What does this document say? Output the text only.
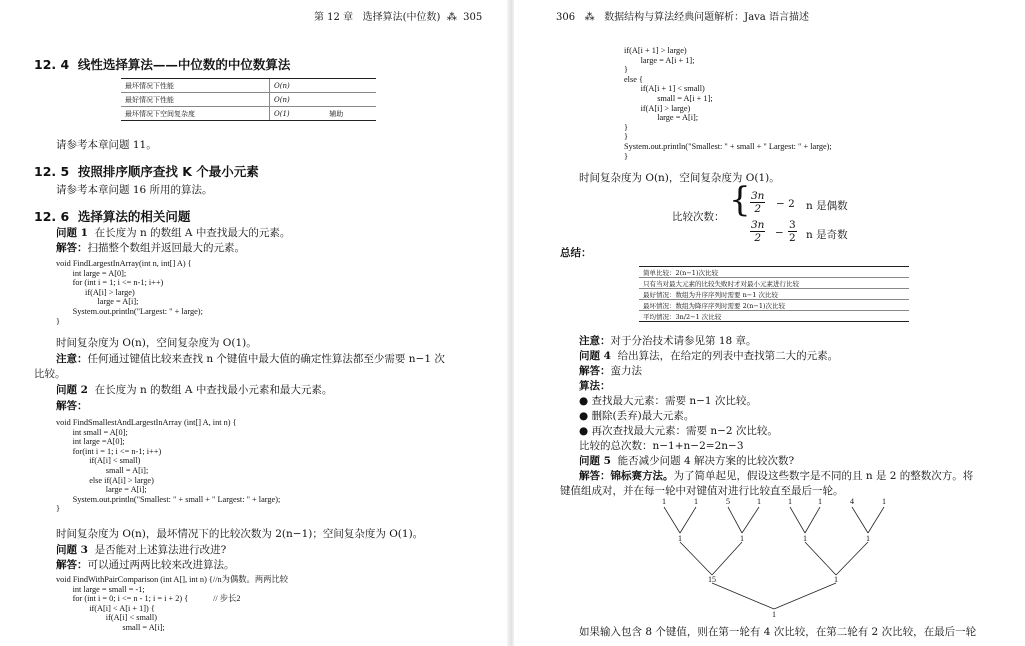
第 12 章 选择算法(中位数) ⁂ 305
12. 4 线性选择算法——中位数的中位数算法
最坏情况下性能	O(n)	
最好情况下性能	O(n)	
最坏情况下空间复杂度	O(1)	辅助
请参考本章问题 11。
12. 5 按照排序顺序查找 K 个最小元素
请参考本章问题 16 所用的算法。
12. 6 选择算法的相关问题
问题 1 在长度为 n 的数组 A 中查找最大的元素。
解答：扫描整个数组并返回最大的元素。
void FindLargestInArray(int n, int[] A) {
int large = A[0];
for (int i = 1; i <= n-1; i++)
if(A[i] > large)
large = A[i];
System.out.println("Largest: " + large);
}
时间复杂度为 O(n)，空间复杂度为 O(1)。
注意：任何通过键值比较来查找 n 个键值中最大值的确定性算法都至少需要 n−1 次
比较。
问题 2 在长度为 n 的数组 A 中查找最小元素和最大元素。
解答：
void FindSmallestAndLargestInArray (int[] A, int n) {
int small = A[0];
int large =A[0];
for(int i = 1; i <= n-1; i++)
if(A[i] < small)
small = A[i];
else if(A[i] > large)
large = A[i];
System.out.println("Smallest: " + small + " Largest: " + large);
}
时间复杂度为 O(n)，最坏情况下的比较次数为 2(n−1)；空间复杂度为 O(1)。
问题 3 是否能对上述算法进行改进?
解答：可以通过两两比较来改进算法。
void FindWithPairComparison (int A[], int n) {//n为偶数。两两比较
int large = small = -1;
for (int i = 0; i <= n - 1; i = i + 2) {            // 步长2
if(A[i] < A[i + 1]) {
if(A[i] < small)
small = A[i];
306 ⁂ 数据结构与算法经典问题解析：Java 语言描述
if(A[i + 1] > large)
large = A[i + 1];
}
else {
if(A[i + 1] < small)
small = A[i + 1];
if(A[i] > large)
large = A[i];
}
}
System.out.println("Smallest: " + small + " Largest: " + large);
}
时间复杂度为 O(n)，空间复杂度为 O(1)。
比较次数： { 3n
2	− 2 n 是偶数
3n
2	−
3
2 n 是奇数
总结：
简单比较：2(n−1)次比较
只有当对最大元素的比较失败时才对最小元素进行比较
最好情况：数组为升序序列时需要 n−1 次比较
最坏情况：数组为降序序列时需要 2(n−1)次比较
平均情况：3n/2−1 次比较
注意：对于分治技术请参见第 18 章。
问题 4 给出算法，在给定的列表中查找第二大的元素。
解答：蛮力法
算法：
● 查找最大元素：需要 n−1 次比较。
● 删除(丢弃)最大元素。
● 再次查找最大元素：需要 n−2 次比较。
比较的总次数：n−1+n−2=2n−3
问题 5 能否减少问题 4 解决方案的比较次数?
解答：锦标赛方法。为了简单起见，假设这些数字是不同的且 n 是 2 的整数次方。将
键值组成对，并在每一轮中对键值对进行比较直至最后一轮。
1	1	5	1	1	1	4	1
1	1	1	1
15	1
1
如果输入包含 8 个键值，则在第一轮有 4 次比较，在第二轮有 2 次比较，在最后一轮
